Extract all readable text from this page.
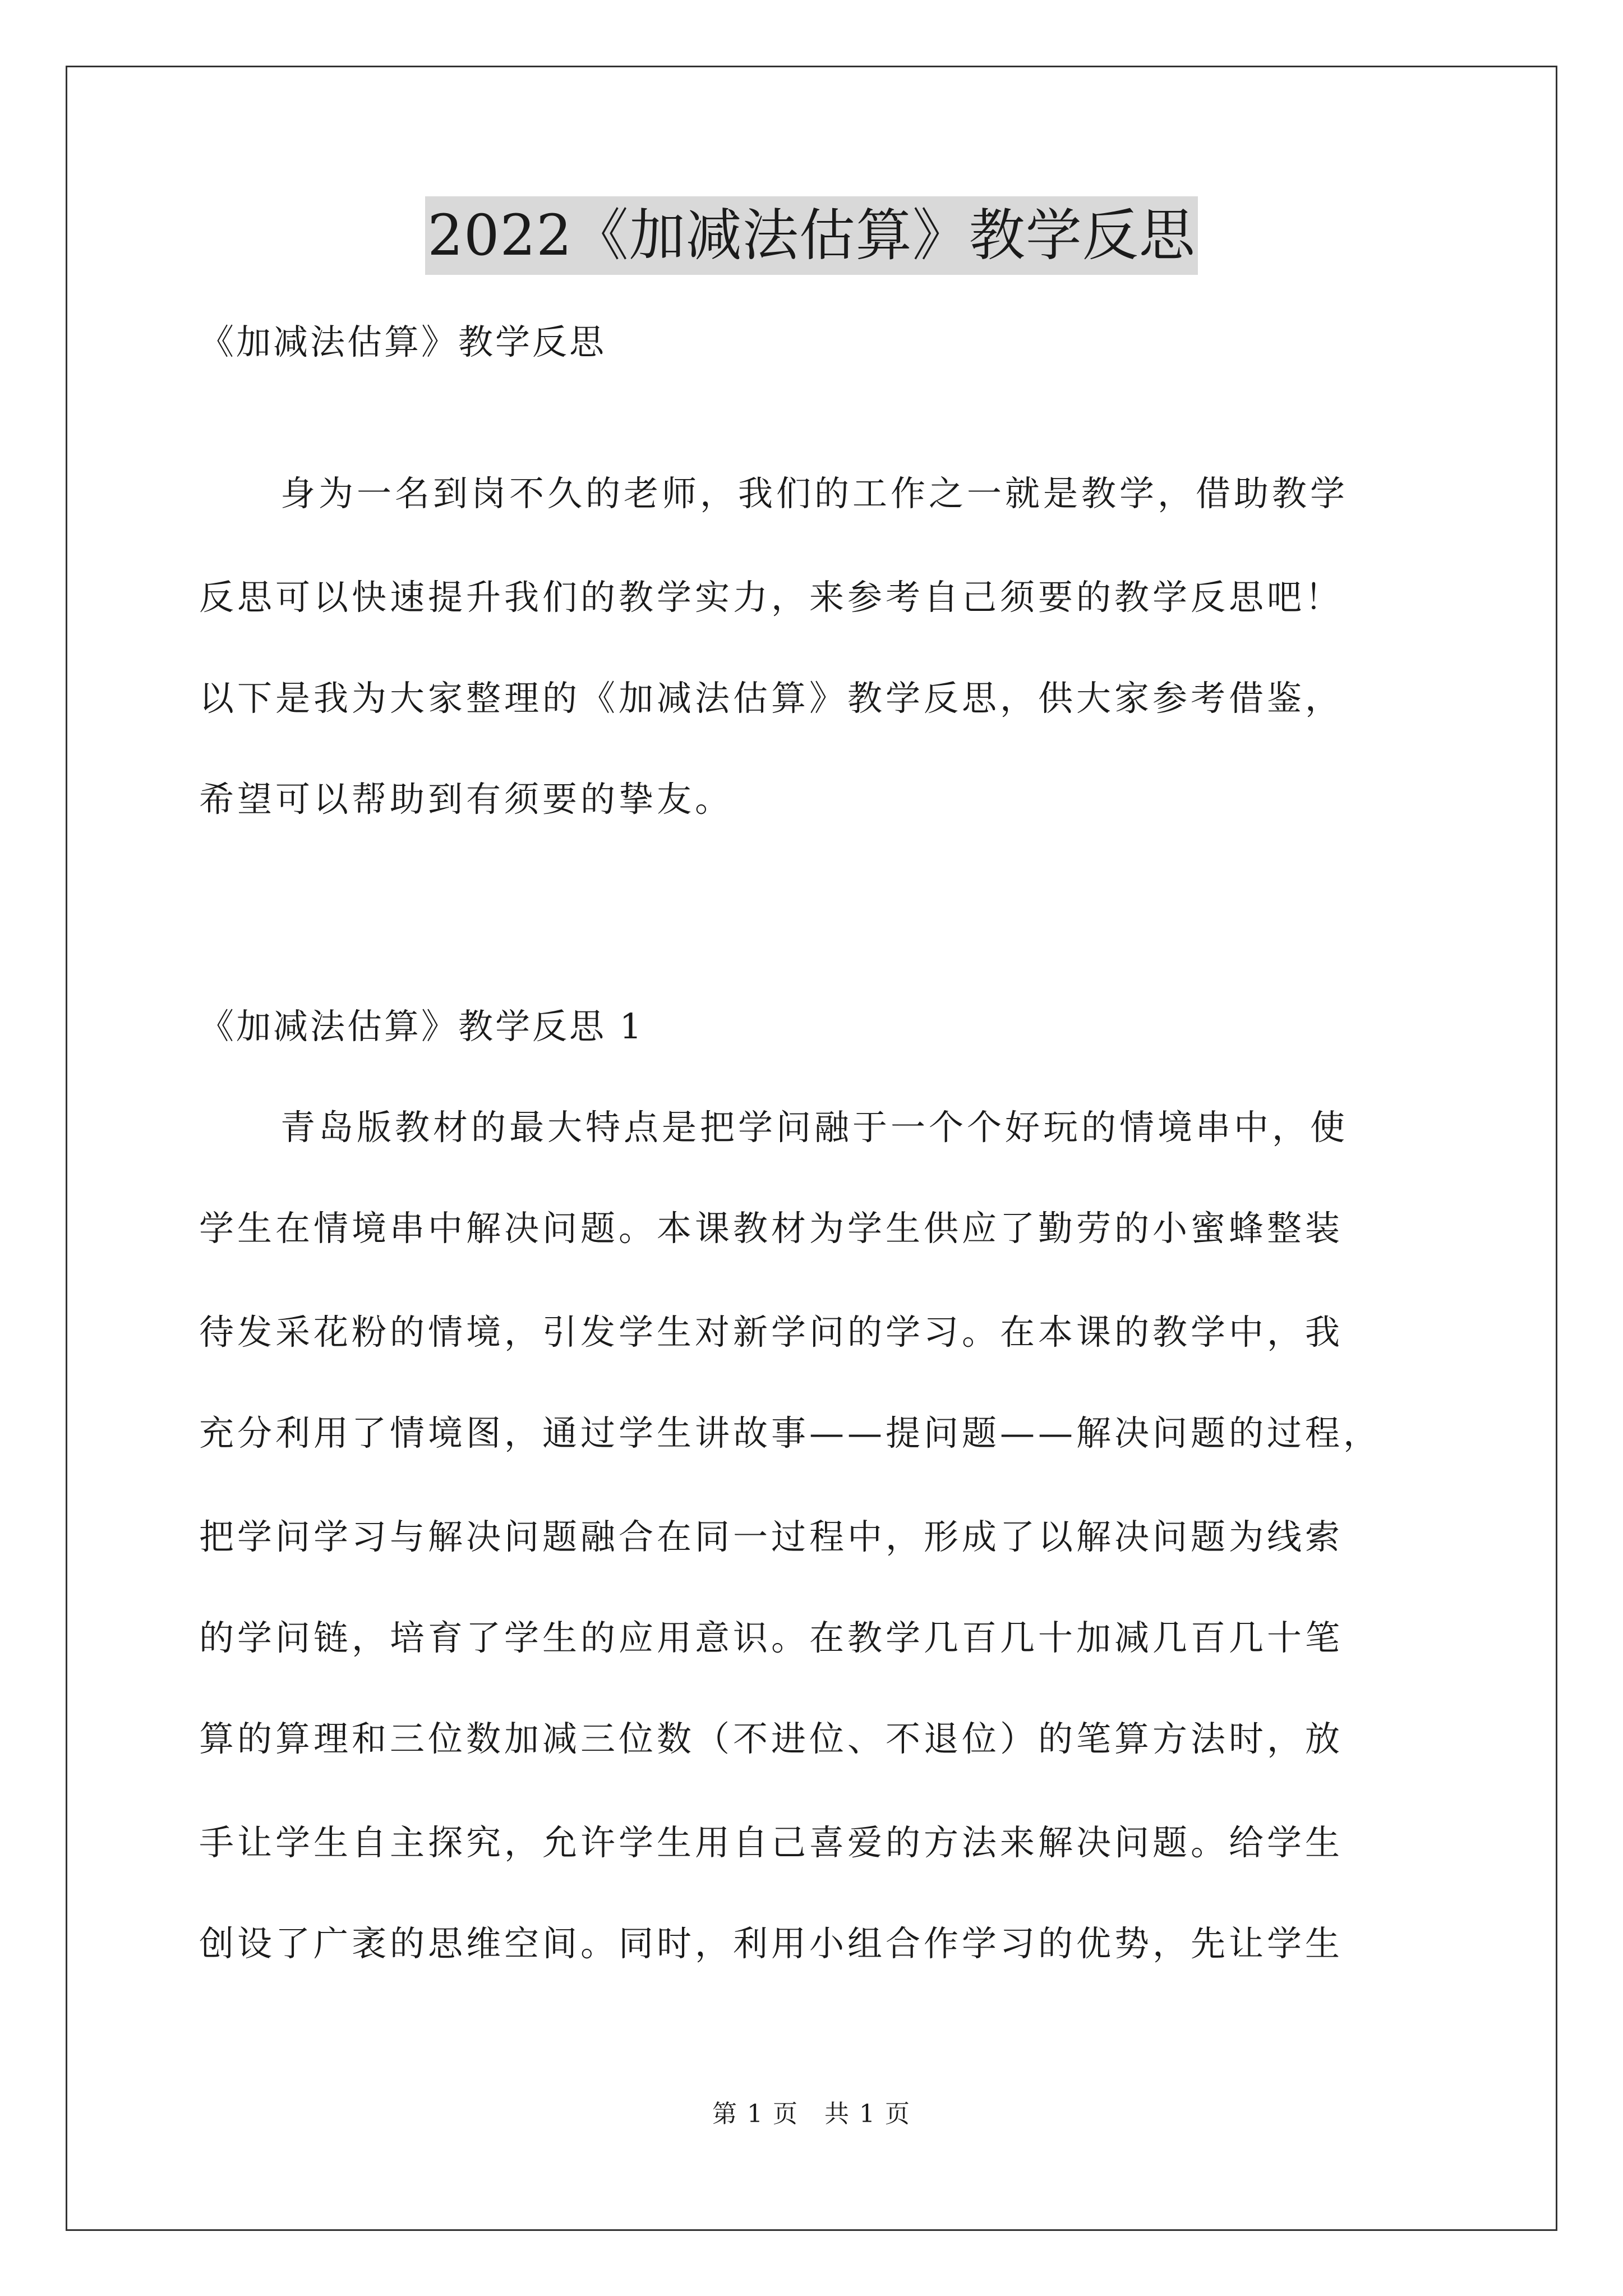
2022《加减法估算》教学反思

《加减法估算》教学反思

身为一名到岗不久的老师，我们的工作之一就是教学，借助教学

反思可以快速提升我们的教学实力，来参考自己须要的教学反思吧！

以下是我为大家整理的《加减法估算》教学反思，供大家参考借鉴，

希望可以帮助到有须要的挚友。

《加减法估算》教学反思 1

青岛版教材的最大特点是把学问融于一个个好玩的情境串中，使

学生在情境串中解决问题。本课教材为学生供应了勤劳的小蜜蜂整装

待发采花粉的情境，引发学生对新学问的学习。在本课的教学中，我

充分利用了情境图，通过学生讲故事——提问题——解决问题的过程，

把学问学习与解决问题融合在同一过程中，形成了以解决问题为线索

的学问链，培育了学生的应用意识。在教学几百几十加减几百几十笔

算的算理和三位数加减三位数（不进位、不退位）的笔算方法时，放

手让学生自主探究，允许学生用自己喜爱的方法来解决问题。给学生

创设了广袤的思维空间。同时，利用小组合作学习的优势，先让学生

第 1 页　共 1 页
